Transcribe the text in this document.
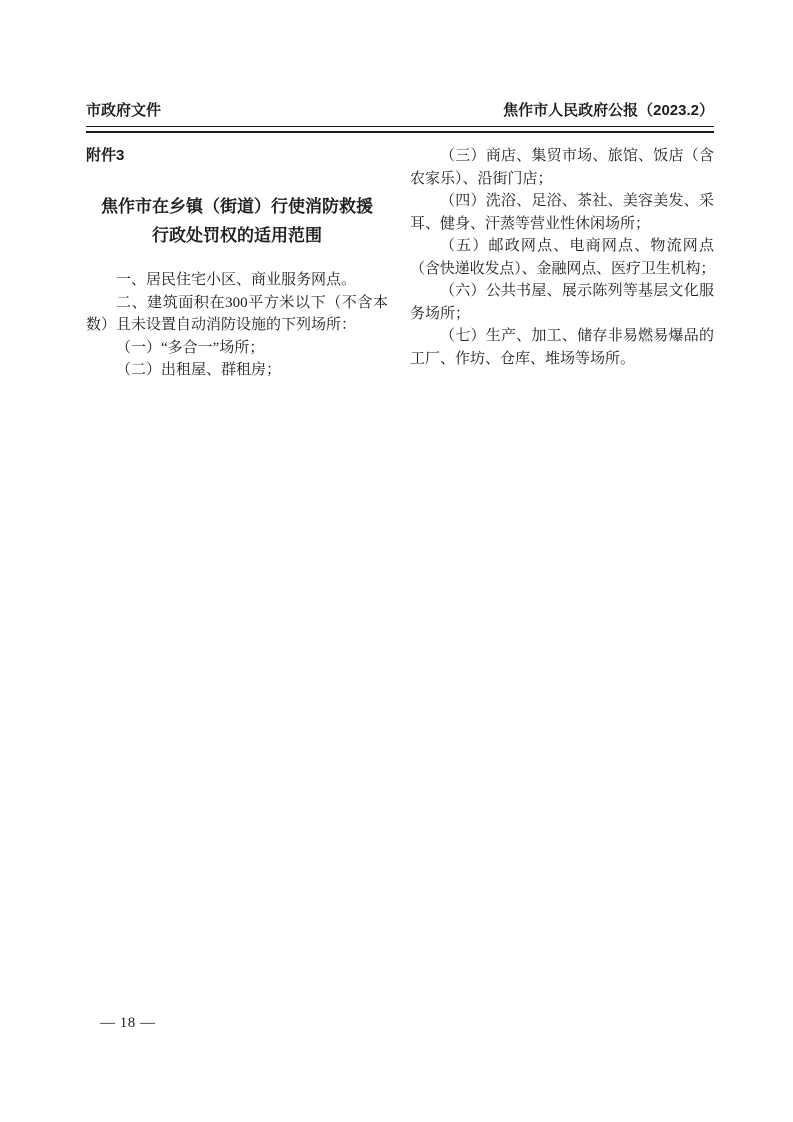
市政府文件	焦作市人民政府公报（2023.2）
附件3
焦作市在乡镇（街道）行使消防救援
行政处罚权的适用范围
一、居民住宅小区、商业服务网点。
二、建筑面积在300平方米以下（不含本
数）且未设置自动消防设施的下列场所：
（一）“多合一”场所；
（二）出租屋、群租房；
（三）商店、集贸市场、旅馆、饭店（含
农家乐）、沿街门店；
（四）洗浴、足浴、茶社、美容美发、采
耳、健身、汗蒸等营业性休闲场所；
（五）邮政网点、电商网点、物流网点
（含快递收发点）、金融网点、医疗卫生机构；
（六）公共书屋、展示陈列等基层文化服
务场所；
（七）生产、加工、储存非易燃易爆品的
工厂、作坊、仓库、堆场等场所。
— 18 —
